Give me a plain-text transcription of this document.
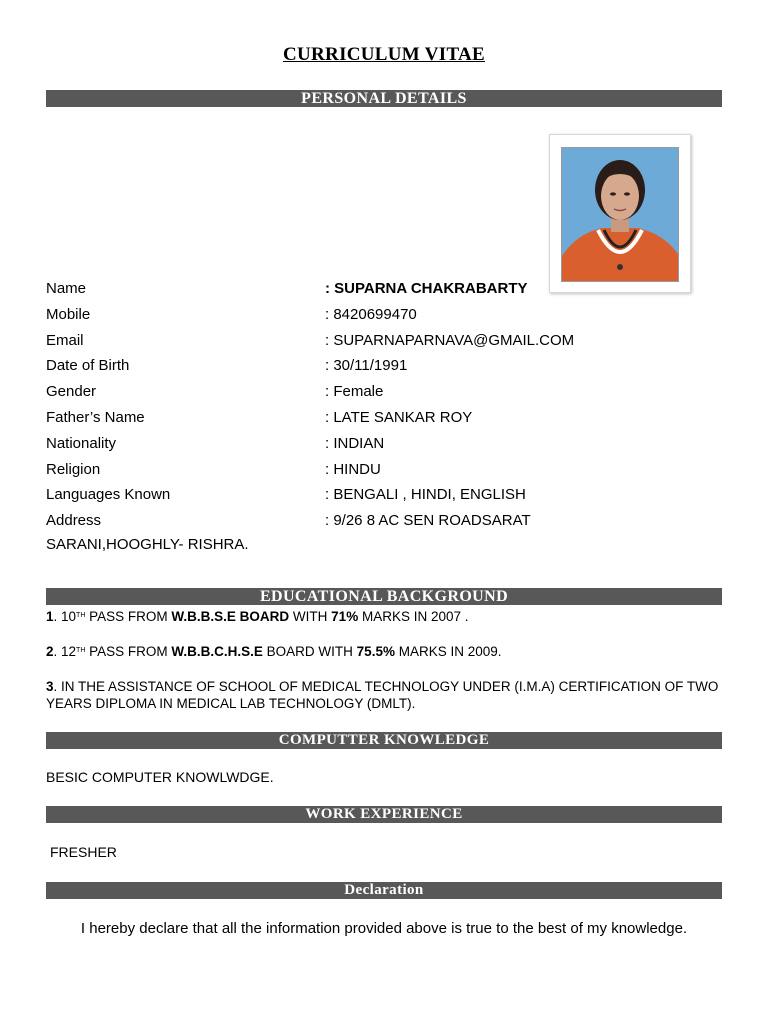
CURRICULUM VITAE
PERSONAL DETAILS
Name	: SUPARNA CHAKRABARTY
Mobile	: 8420699470
Email	: SUPARNAPARNAVA@GMAIL.COM
Date of Birth	: 30/11/1991
Gender	: Female
Father’s Name	: LATE SANKAR ROY
Nationality	: INDIAN
Religion	: HINDU
Languages Known	: BENGALI , HINDI, ENGLISH
Address	: 9/26 8 AC SEN ROADSARAT
SARANI,HOOGHLY- RISHRA.
EDUCATIONAL BACKGROUND
1. 10TH PASS FROM W.B.B.S.E BOARD WITH 71% MARKS IN 2007 .
2. 12TH PASS FROM W.B.B.C.H.S.E BOARD WITH 75.5% MARKS IN 2009.
3. IN THE ASSISTANCE OF SCHOOL OF MEDICAL TECHNOLOGY UNDER (I.M.A) CERTIFICATION OF TWO YEARS DIPLOMA IN MEDICAL LAB TECHNOLOGY (DMLT).
COMPUTTER KNOWLEDGE
BESIC COMPUTER KNOWLWDGE.
WORK EXPERIENCE
FRESHER
Declaration
I hereby declare that all the information provided above is true to the best of my knowledge.
